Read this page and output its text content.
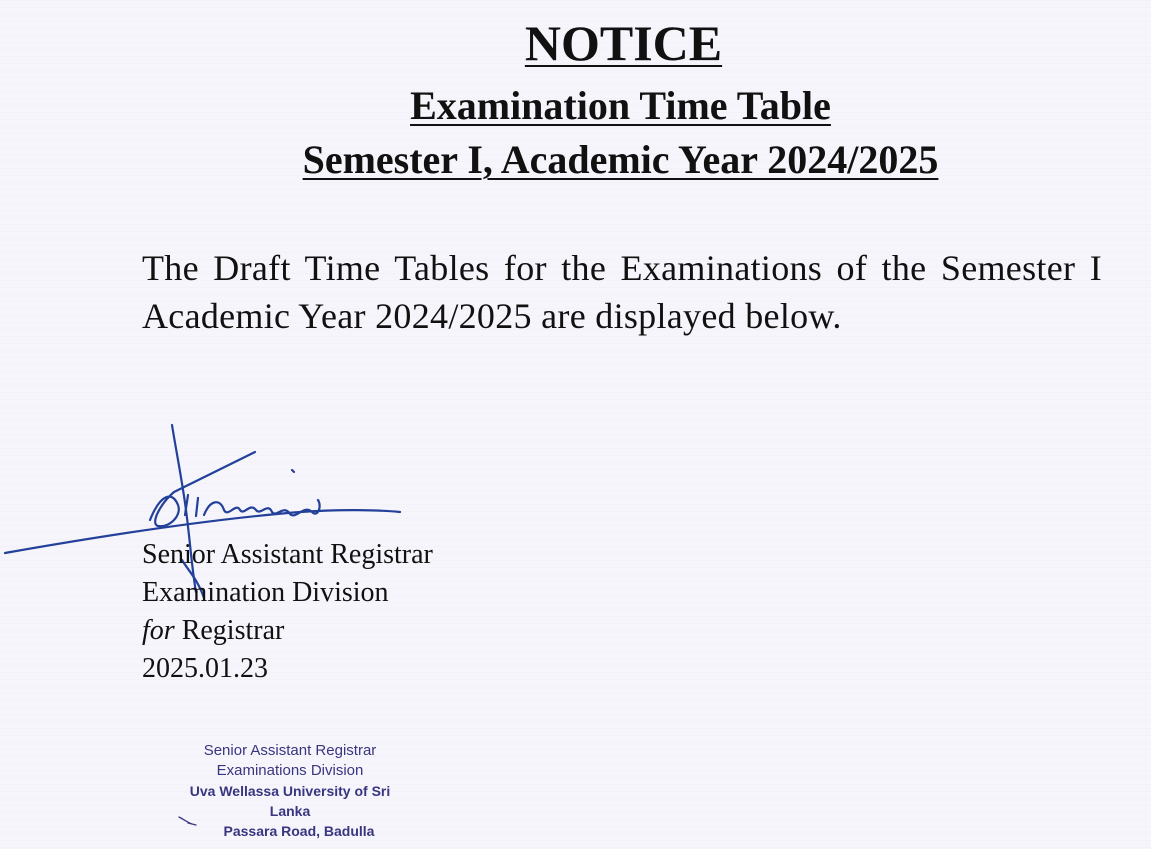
NOTICE
Examination Time Table
Semester I, Academic Year 2024/2025

The Draft Time Tables for the Examinations of the Semester I Academic Year 2024/2025 are displayed below.

Senior Assistant Registrar
Examination Division
for Registrar
2025.01.23
Senior Assistant Registrar
Examinations Division
Uva Wellassa University of Sri Lanka
Passara Road, Badulla
